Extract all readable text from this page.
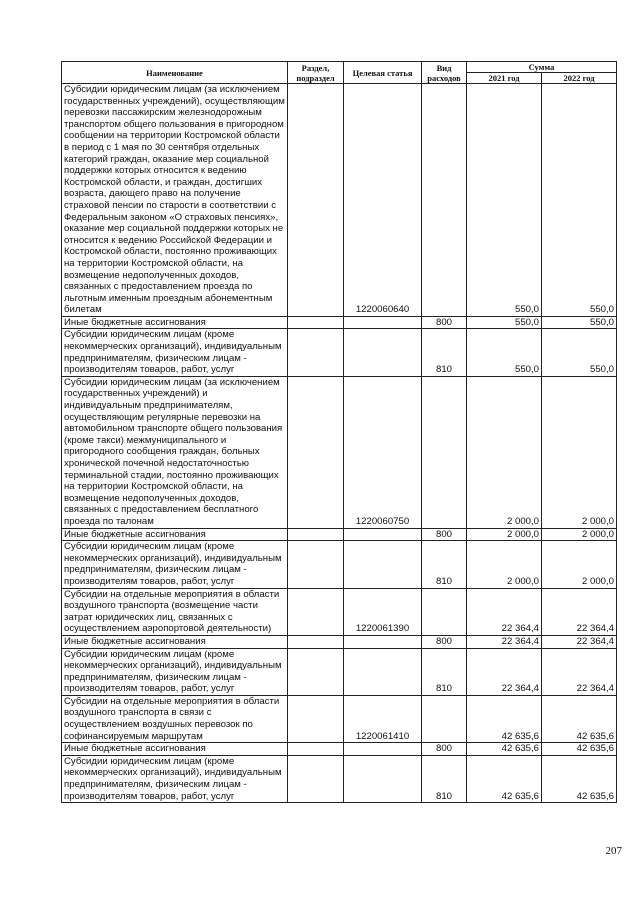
Наименование	Раздел, подраздел	Целевая статья	Вид расходов	Сумма	
				2021 год	2022 год
Субсидии юридическим лицам (за исключением государственных учреждений), осуществляющим перевозки пассажирским железнодорожным транспортом общего пользования в пригородном сообщении на территории Костромской области в период с 1 мая по 30 сентября отдельных категорий граждан, оказание мер социальной поддержки которых относится к ведению Костромской области, и граждан, достигших возраста, дающего право на получение страховой пенсии по старости в соответствии с Федеральным законом «О страховых пенсиях», оказание мер социальной поддержки которых не относится к ведению Российской Федерации и Костромской области, постоянно проживающих на территории Костромской области, на возмещение недополученных доходов, связанных с предоставлением проезда по льготным именным проездным абонементным билетам		1220060640		550,0	550,0
Иные бюджетные ассигнования			800	550,0	550,0
Субсидии юридическим лицам (кроме некоммерческих организаций), индивидуальным предпринимателям, физическим лицам - производителям товаров, работ, услуг			810	550,0	550,0
Субсидии юридическим лицам (за исключением государственных учреждений) и индивидуальным предпринимателям, осуществляющим регулярные перевозки на автомобильном транспорте общего пользования (кроме такси) межмуниципального и пригородного сообщения граждан, больных хронической почечной недостаточностью терминальной стадии, постоянно проживающих на территории Костромской области, на возмещение недополученных доходов, связанных с предоставлением бесплатного проезда по талонам		1220060750		2 000,0	2 000,0
Иные бюджетные ассигнования			800	2 000,0	2 000,0
Субсидии юридическим лицам (кроме некоммерческих организаций), индивидуальным предпринимателям, физическим лицам - производителям товаров, работ, услуг			810	2 000,0	2 000,0
Субсидии на отдельные мероприятия в области воздушного транспорта (возмещение части затрат юридических лиц, связанных с осуществлением аэропортовой деятельности)		1220061390		22 364,4	22 364,4
Иные бюджетные ассигнования			800	22 364,4	22 364,4
Субсидии юридическим лицам (кроме некоммерческих организаций), индивидуальным предпринимателям, физическим лицам - производителям товаров, работ, услуг			810	22 364,4	22 364,4
Субсидии на отдельные мероприятия в области воздушного транспорта в связи с осуществлением воздушных перевозок по софинансируемым маршрутам		1220061410		42 635,6	42 635,6
Иные бюджетные ассигнования			800	42 635,6	42 635,6
Субсидии юридическим лицам (кроме некоммерческих организаций), индивидуальным предпринимателям, физическим лицам - производителям товаров, работ, услуг			810	42 635,6	42 635,6
207
